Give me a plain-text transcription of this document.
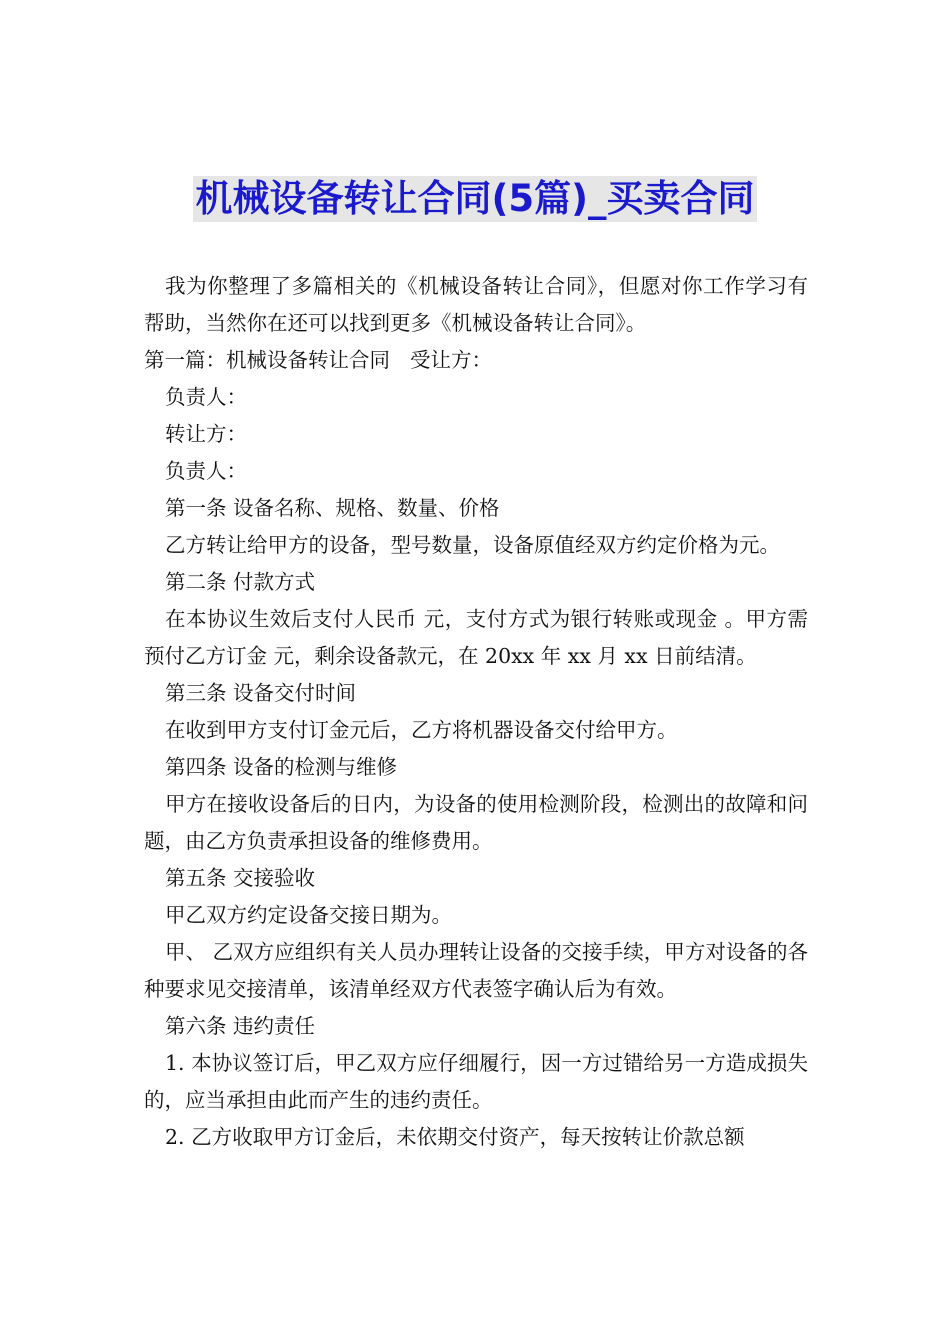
机械设备转让合同(5篇)_买卖合同

我为你整理了多篇相关的《机械设备转让合同》，但愿对你工作学习有帮助，当然你在还可以找到更多《机械设备转让合同》。

第一篇：机械设备转让合同 受让方：

负责人：

转让方：

负责人：

第一条 设备名称、规格、数量、价格

乙方转让给甲方的设备，型号数量，设备原值经双方约定价格为元。

第二条 付款方式

在本协议生效后支付人民币 元，支付方式为银行转账或现金 。甲方需预付乙方订金 元，剩余设备款元，在 20xx 年 xx 月 xx 日前结清。

第三条 设备交付时间

在收到甲方支付订金元后，乙方将机器设备交付给甲方。

第四条 设备的检测与维修

甲方在接收设备后的日内，为设备的使用检测阶段，检测出的故障和问题，由乙方负责承担设备的维修费用。

第五条 交接验收

甲乙双方约定设备交接日期为。

甲、 乙双方应组织有关人员办理转让设备的交接手续，甲方对设备的各种要求见交接清单，该清单经双方代表签字确认后为有效。

第六条 违约责任

1. 本协议签订后，甲乙双方应仔细履行，因一方过错给另一方造成损失的，应当承担由此而产生的违约责任。

2. 乙方收取甲方订金后，未依期交付资产，每天按转让价款总额
